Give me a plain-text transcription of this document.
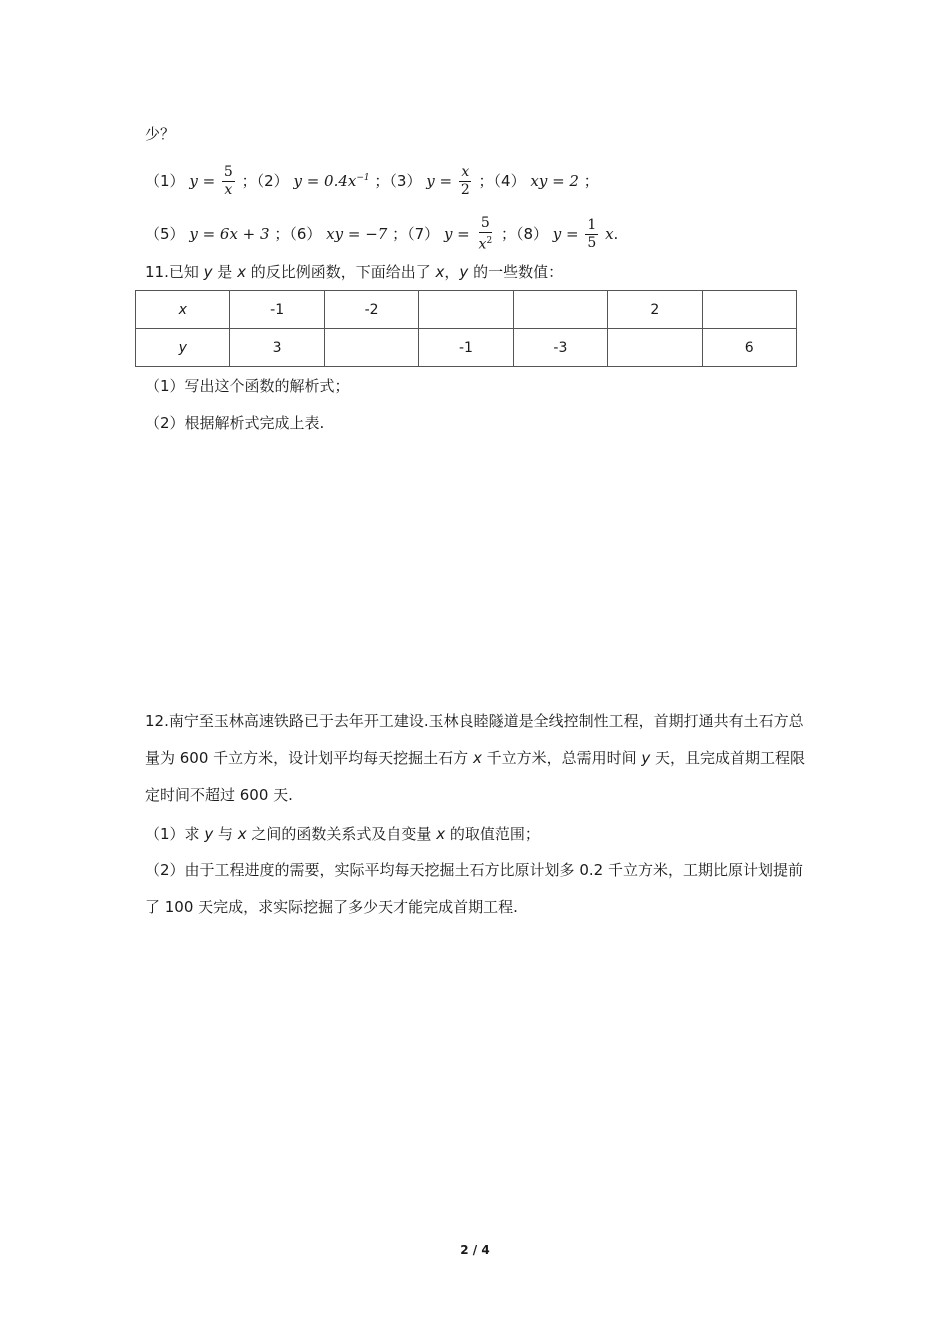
少？
（1） $y = \frac{5}{x}$ ；（2） $y = 0.4x^{-1}$ ；（3） $y = \frac{x}{2}$ ；（4） xy = 2 ；
（5） y = 6x + 3 ；（6） xy = −7 ；（7） $y = \frac{5}{x^2}$ ；（8） $y = \frac{1}{5} x$.
11.已知 y 是 x 的反比例函数，下面给出了 x，y 的一些数值：
x	-1	-2			2	
y	3		-1	-3		6
（1）写出这个函数的解析式；
（2）根据解析式完成上表.
12.南宁至玉林高速铁路已于去年开工建设.玉林良睦隧道是全线控制性工程，首期打通共有土石方总量为 600 千立方米，设计划平均每天挖掘土石方 x 千立方米，总需用时间 y 天，且完成首期工程限定时间不超过 600 天.
（1）求 y 与 x 之间的函数关系式及自变量 x 的取值范围；
（2）由于工程进度的需要，实际平均每天挖掘土石方比原计划多 0.2 千立方米，工期比原计划提前了 100 天完成，求实际挖掘了多少天才能完成首期工程.
2 / 4
